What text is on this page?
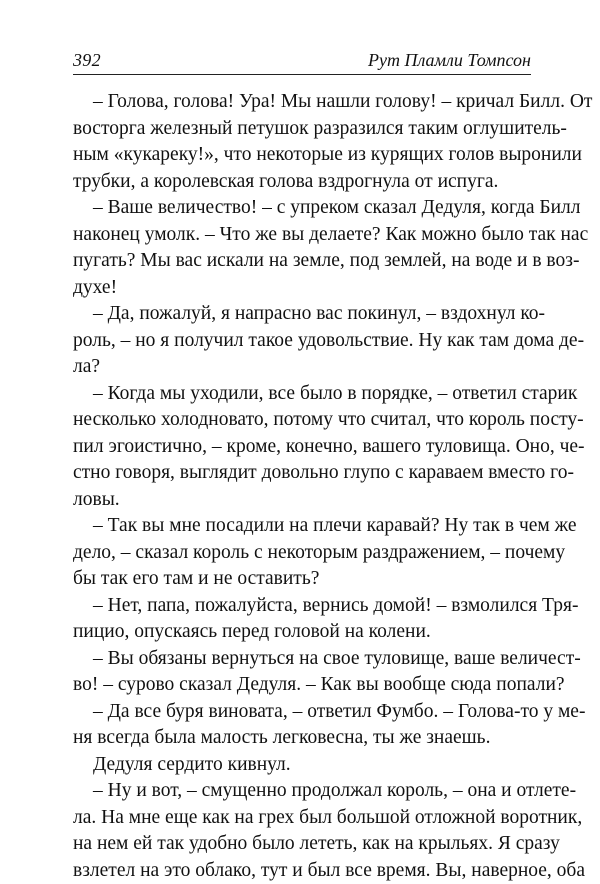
392	Рут Пламли Томпсон
– Голова, голова! Ура! Мы нашли голову! – кричал Билл. От
восторга железный петушок разразился таким оглушитель-
ным «кукареку!», что некоторые из курящих голов выронили
трубки, а королевская голова вздрогнула от испуга.
– Ваше величество! – с упреком сказал Дедуля, когда Билл
наконец умолк. – Что же вы делаете? Как можно было так нас
пугать? Мы вас искали на земле, под землей, на воде и в воз-
духе!
– Да, пожалуй, я напрасно вас покинул, – вздохнул ко-
роль, – но я получил такое удовольствие. Ну как там дома де-
ла?
– Когда мы уходили, все было в порядке, – ответил старик
несколько холодновато, потому что считал, что король посту-
пил эгоистично, – кроме, конечно, вашего туловища. Оно, че-
стно говоря, выглядит довольно глупо с караваем вместо го-
ловы.
– Так вы мне посадили на плечи каравай? Ну так в чем же
дело, – сказал король с некоторым раздражением, – почему
бы так его там и не оставить?
– Нет, папа, пожалуйста, вернись домой! – взмолился Тря-
пицио, опускаясь перед головой на колени.
– Вы обязаны вернуться на свое туловище, ваше величест-
во! – сурово сказал Дедуля. – Как вы вообще сюда попали?
– Да все буря виновата, – ответил Фумбо. – Голова-то у ме-
ня всегда была малость легковесна, ты же знаешь.
Дедуля сердито кивнул.
– Ну и вот, – смущенно продолжал король, – она и отлете-
ла. На мне еще как на грех был большой отложной воротник,
на нем ей так удобно было лететь, как на крыльях. Я сразу
взлетел на это облако, тут и был все время. Вы, наверное, оба
